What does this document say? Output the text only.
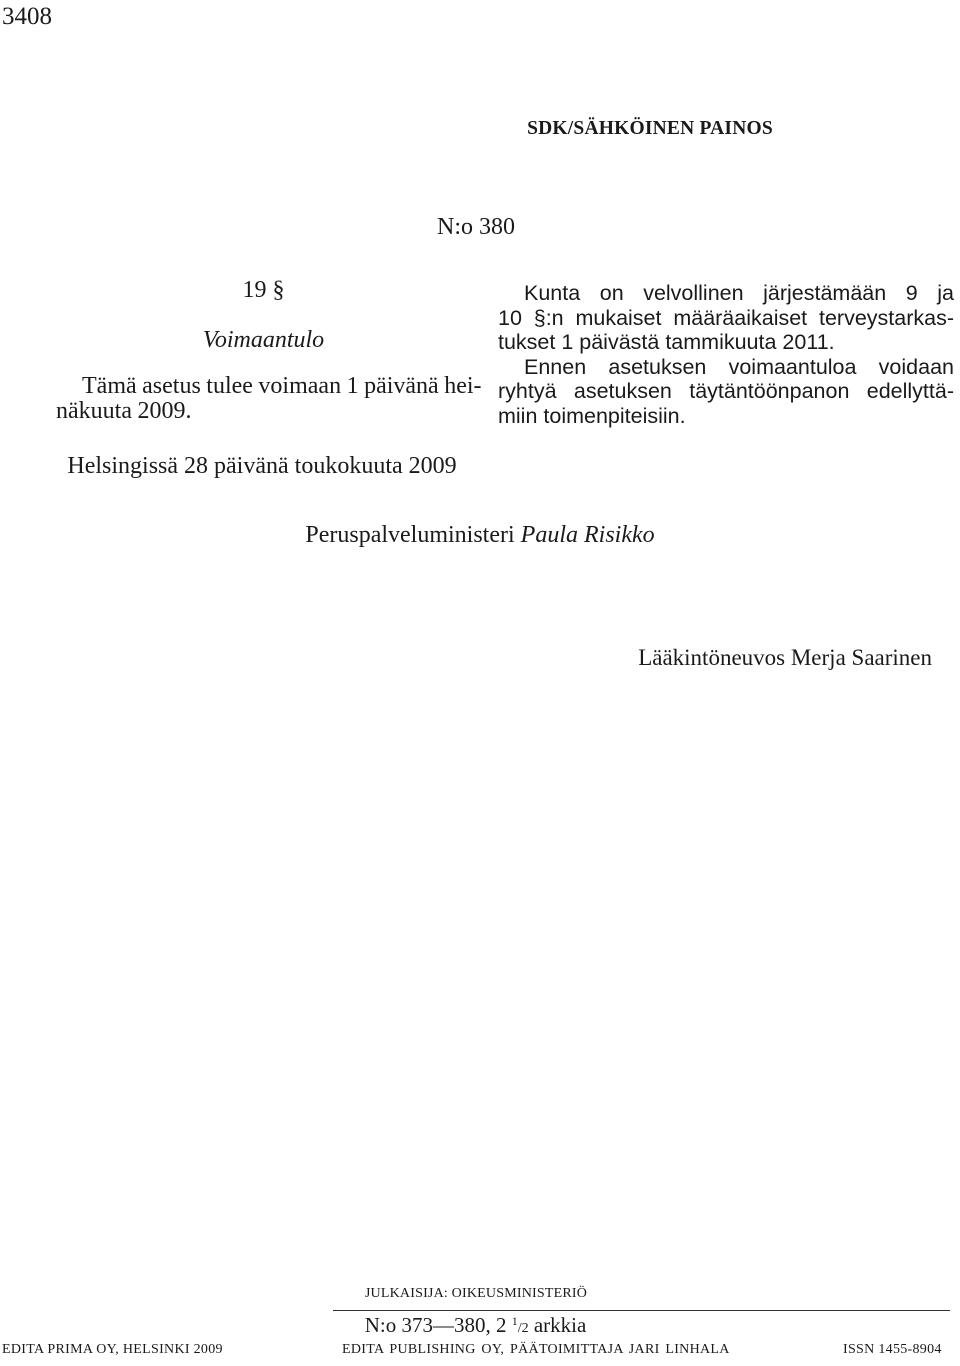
3408
SDK/SÄHKÖINEN PAINOS
N:o 380
19 §
Voimaantulo
Tämä asetus tulee voimaan 1 päivänä hei-
näkuuta 2009.
Kunta on velvollinen järjestämään 9 ja
10 §:n mukaiset määräaikaiset terveystarkas-
tukset 1 päivästä tammikuuta 2011.
Ennen asetuksen voimaantuloa voidaan
ryhtyä asetuksen täytäntöönpanon edellyttä-
miin toimenpiteisiin.
Helsingissä 28 päivänä toukokuuta 2009
Peruspalveluministeri Paula Risikko
Lääkintöneuvos Merja Saarinen
JULKAISIJA: OIKEUSMINISTERIÖ
N:o 373—380, 2 $^1$/2 arkkia
EDITA PRIMA OY, HELSINKI 2009	EDITA PUBLISHING OY, PÄÄTOIMITTAJA JARI LINHALA	ISSN 1455-8904
